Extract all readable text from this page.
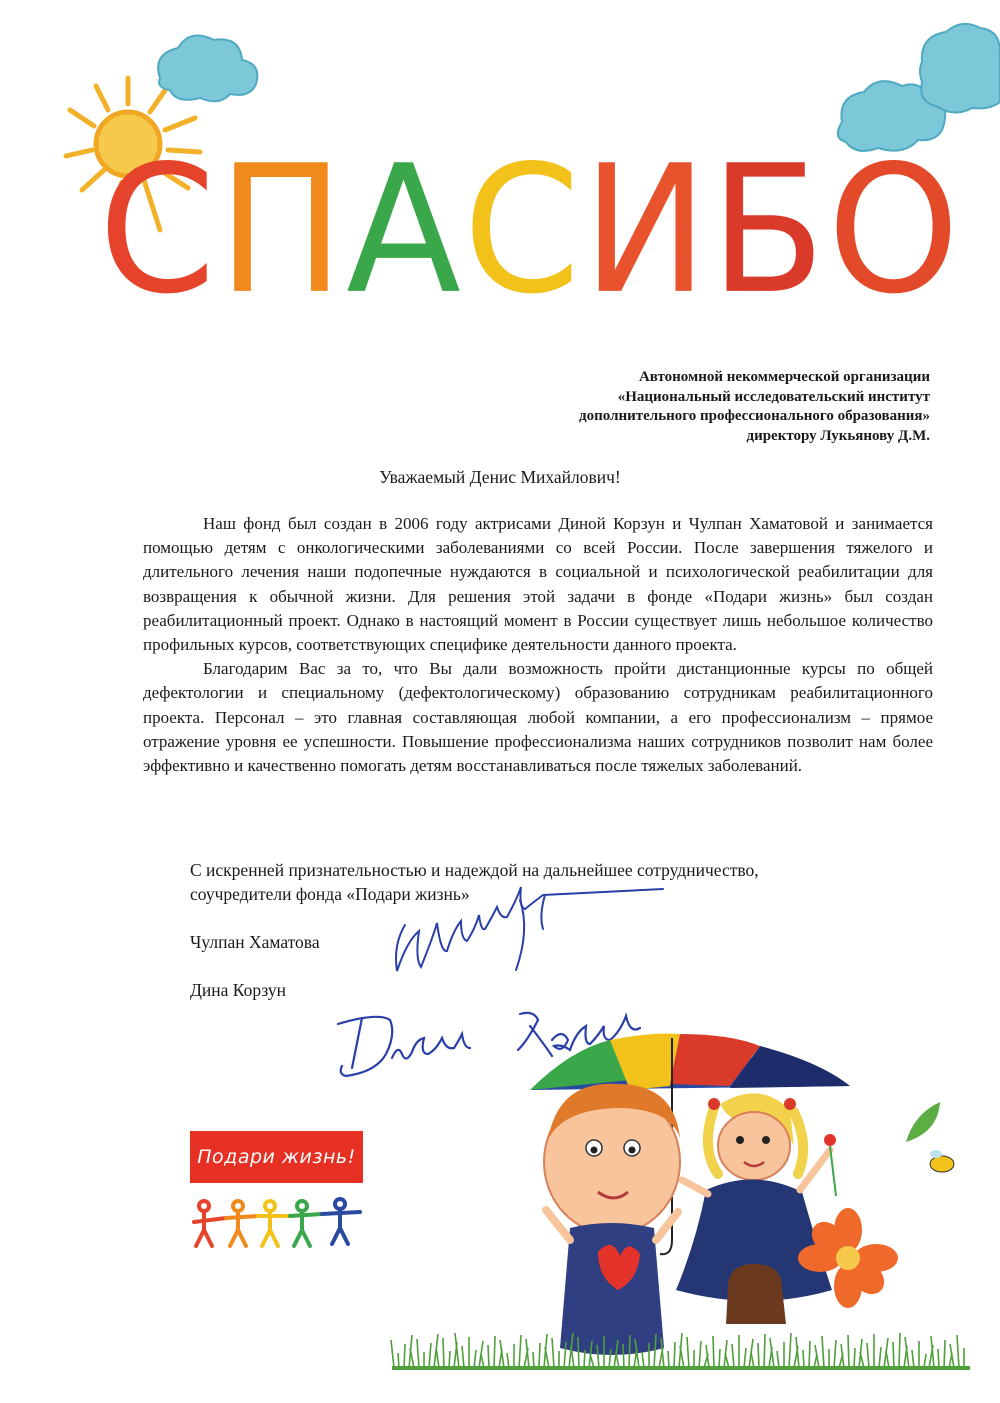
С П А С И Б О
Автономной некоммерческой организации
«Национальный исследовательский институт
дополнительного профессионального образования»
директору Лукьянову Д.М.
Уважаемый Денис Михайлович!

Наш фонд был создан в 2006 году актрисами Диной Корзун и Чулпан Хаматовой и занимается помощью детям с онкологическими заболеваниями со всей России. После завершения тяжелого и длительного лечения наши подопечные нуждаются в социальной и психологической реабилитации для возвращения к обычной жизни. Для решения этой задачи в фонде «Подари жизнь» был создан реабилитационный проект. Однако в настоящий момент в России существует лишь небольшое количество профильных курсов, соответствующих специфике деятельности данного проекта.

Благодарим Вас за то, что Вы дали возможность пройти дистанционные курсы по общей дефектологии и специальному (дефектологическому) образованию сотрудникам реабилитационного проекта. Персонал – это главная составляющая любой компании, а его профессионализм – прямое отражение уровня ее успешности. Повышение профессионализма наших сотрудников позволит нам более эффективно и качественно помогать детям восстанавливаться после тяжелых заболеваний.

С искренней признательностью и надеждой на дальнейшее сотрудничество,
соучредители фонда «Подари жизнь»
Чулпан Хаматова
Дина Корзун
Подари жизнь!
